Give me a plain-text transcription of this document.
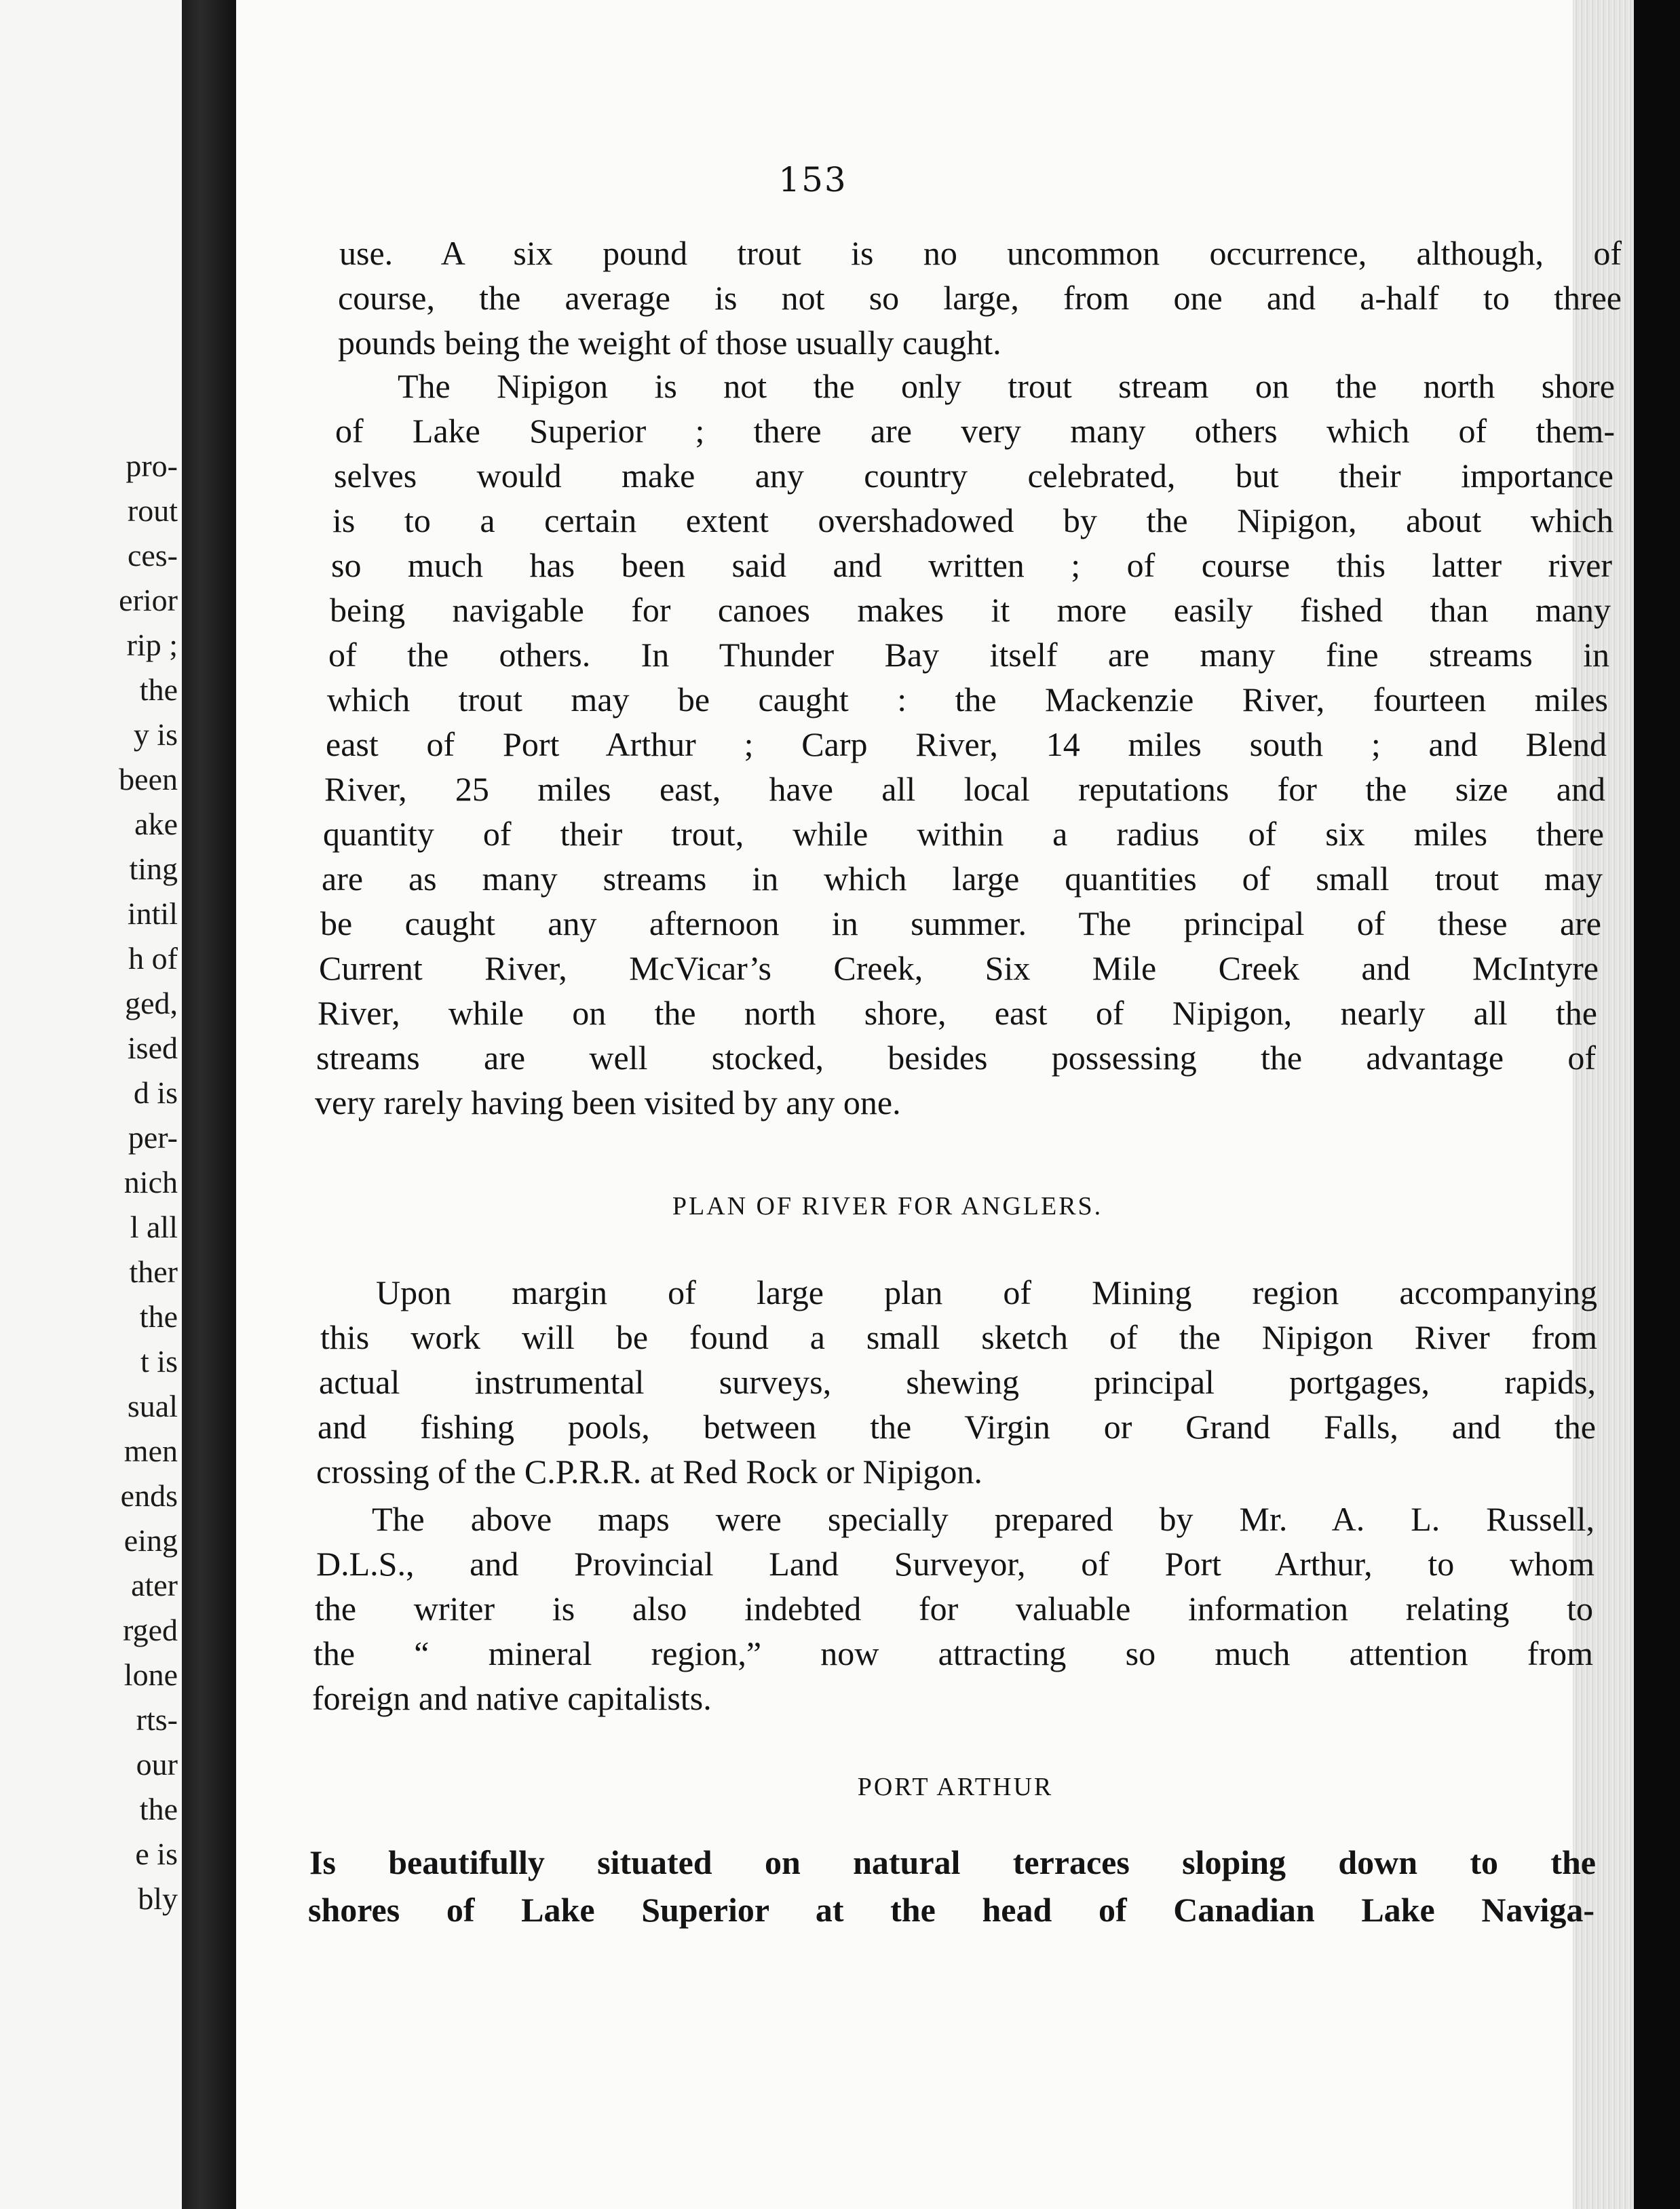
pro-
rout
ces-
erior
rip ;
the
y is
been
ake
ting
intil
h of
ged,
ised
d is
per-
nich
l all
ther
the
t is
sual
men
ends
eing
ater
rged
lone
rts-
our
the
e is
bly
153
use. A six pound trout is no uncommon occurrence, although, of
course, the average is not so large, from one and a-half to three
pounds being the weight of those usually caught.
The Nipigon is not the only trout stream on the north shore
of Lake Superior ; there are very many others which of them-
selves would make any country celebrated, but their importance
is to a certain extent overshadowed by the Nipigon, about which
so much has been said and written ; of course this latter river
being navigable for canoes makes it more easily fished than many
of the others. In Thunder Bay itself are many fine streams in
which trout may be caught : the Mackenzie River, fourteen miles
east of Port Arthur ; Carp River, 14 miles south ; and Blend
River, 25 miles east, have all local reputations for the size and
quantity of their trout, while within a radius of six miles there
are as many streams in which large quantities of small trout may
be caught any afternoon in summer. The principal of these are
Current River, McVicar’s Creek, Six Mile Creek and McIntyre
River, while on the north shore, east of Nipigon, nearly all the
streams are well stocked, besides possessing the advantage of
very rarely having been visited by any one.
PLAN OF RIVER FOR ANGLERS.
Upon margin of large plan of Mining region accompanying
this work will be found a small sketch of the Nipigon River from
actual instrumental surveys, shewing principal portgages, rapids,
and fishing pools, between the Virgin or Grand Falls, and the
crossing of the C.P.R.R. at Red Rock or Nipigon.
The above maps were specially prepared by Mr. A. L. Russell,
D.L.S., and Provincial Land Surveyor, of Port Arthur, to whom
the writer is also indebted for valuable information relating to
the “ mineral region,” now attracting so much attention from
foreign and native capitalists.
PORT ARTHUR
Is beautifully situated on natural terraces sloping down to the
shores of Lake Superior at the head of Canadian Lake Naviga-
